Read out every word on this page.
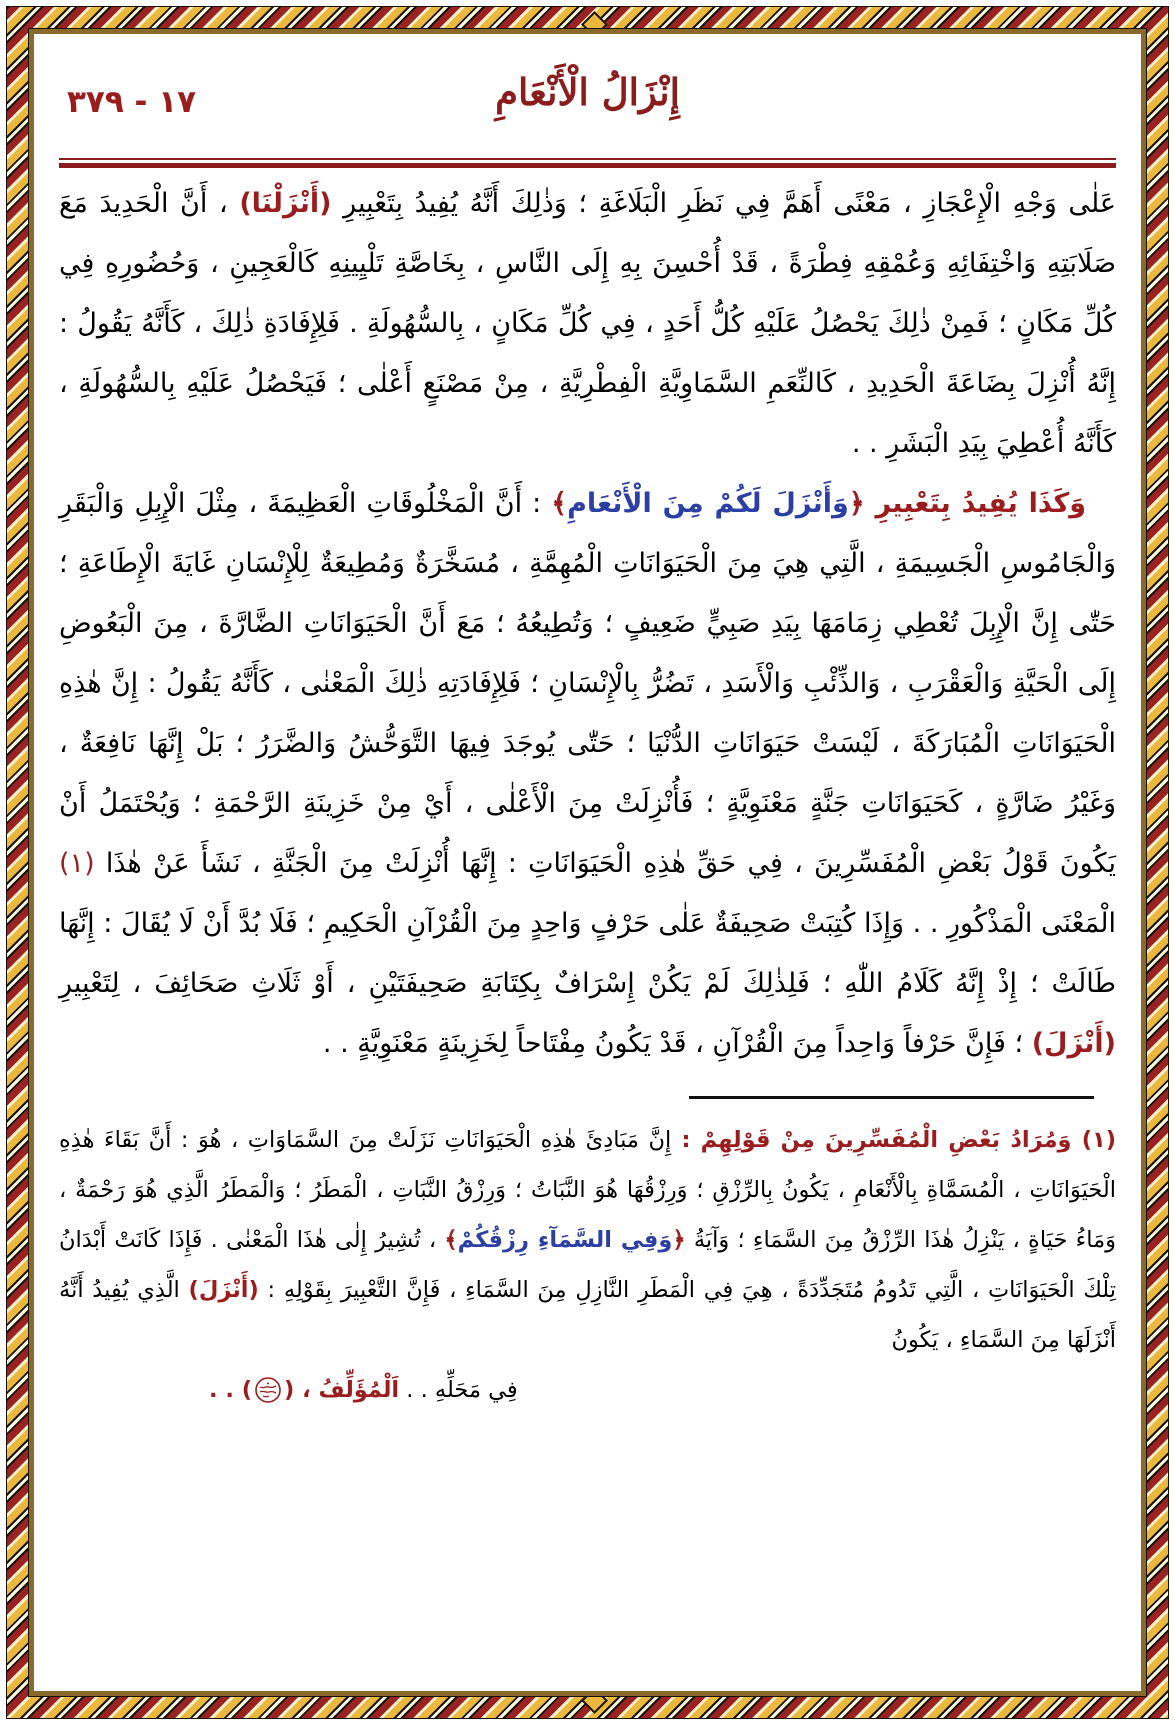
١٧ - ٣٧٩	إِنْزَالُ الْأَنْعَامِ

عَلٰى وَجْهِ الْإِعْجَازِ ، مَعْنًى أَهَمَّ فِي نَظَرِ الْبَلَاغَةِ ؛ وَذٰلِكَ أَنَّهُ يُفِيدُ بِتَعْبِيرِ (أَنْزَلْنَا) ، أَنَّ الْحَدِيدَ مَعَ صَلَابَتِهِ وَاخْتِفَائِهِ وَعُمْقِهِ فِطْرَةً ، قَدْ أُحْسِنَ بِهِ إِلَى النَّاسِ ، بِخَاصَّةِ تَلْيِينِهِ كَالْعَجِينِ ، وَحُضُورِهِ فِي كُلِّ مَكَانٍ ؛ فَمِنْ ذٰلِكَ يَحْصُلُ عَلَيْهِ كُلُّ أَحَدٍ ، فِي كُلِّ مَكَانٍ ، بِالسُّهُولَةِ . فَلِإِفَادَةِ ذٰلِكَ ، كَأَنَّهُ يَقُولُ : إِنَّهُ أُنْزِلَ بِضَاعَةَ الْحَدِيدِ ، كَالنِّعَمِ السَّمَاوِيَّةِ الْفِطْرِيَّةِ ، مِنْ مَصْنَعٍ أَعْلٰى ؛ فَيَحْصُلُ عَلَيْهِ بِالسُّهُولَةِ ، كَأَنَّهُ أُعْطِيَ بِيَدِ الْبَشَرِ . .

وَكَذَا يُفِيدُ بِتَعْبِيرِ ﴿وَأَنْزَلَ لَكُمْ مِنَ الْأَنْعَامِ﴾ : أَنَّ الْمَخْلُوقَاتِ الْعَظِيمَةَ ، مِثْلَ الْإِبِلِ وَالْبَقَرِ وَالْجَامُوسِ الْجَسِيمَةِ ، الَّتِي هِيَ مِنَ الْحَيَوَانَاتِ الْمُهِمَّةِ ، مُسَخَّرَةٌ وَمُطِيعَةٌ لِلْإِنْسَانِ غَايَةَ الْإِطَاعَةِ ؛ حَتّٰى إِنَّ الْإِبِلَ تُعْطِي زِمَامَهَا بِيَدِ صَبِيٍّ ضَعِيفٍ ؛ وَتُطِيعُهُ ؛ مَعَ أَنَّ الْحَيَوَانَاتِ الضَّارَّةَ ، مِنَ الْبَعُوضِ إِلَى الْحَيَّةِ وَالْعَقْرَبِ ، وَالذِّئْبِ وَالْأَسَدِ ، تَضُرُّ بِالْإِنْسَانِ ؛ فَلِإِفَادَتِهِ ذٰلِكَ الْمَعْنٰى ، كَأَنَّهُ يَقُولُ : إِنَّ هٰذِهِ الْحَيَوَانَاتِ الْمُبَارَكَةَ ، لَيْسَتْ حَيَوَانَاتِ الدُّنْيَا ؛ حَتّٰى يُوجَدَ فِيهَا التَّوَحُّشُ وَالضَّرَرُ ؛ بَلْ إِنَّهَا نَافِعَةٌ ، وَغَيْرُ ضَارَّةٍ ، كَحَيَوَانَاتِ جَنَّةٍ مَعْنَوِيَّةٍ ؛ فَأُنْزِلَتْ مِنَ الْأَعْلٰى ، أَيْ مِنْ خَزِينَةِ الرَّحْمَةِ ؛ وَيُحْتَمَلُ أَنْ يَكُونَ قَوْلُ بَعْضِ الْمُفَسِّرِينَ ، فِي حَقِّ هٰذِهِ الْحَيَوَانَاتِ : إِنَّهَا أُنْزِلَتْ مِنَ الْجَنَّةِ ، نَشَأَ عَنْ هٰذَا (١) الْمَعْنَى الْمَذْكُورِ . . وَإِذَا كُتِبَتْ صَحِيفَةٌ عَلٰى حَرْفٍ وَاحِدٍ مِنَ الْقُرْآنِ الْحَكِيمِ ؛ فَلَا بُدَّ أَنْ لَا يُقَالَ : إِنَّهَا طَالَتْ ؛ إِذْ إِنَّهُ كَلَامُ اللّٰهِ ؛ فَلِذٰلِكَ لَمْ يَكُنْ إِسْرَافٌ بِكِتَابَةِ صَحِيفَتَيْنِ ، أَوْ ثَلَاثِ صَحَائِفَ ، لِتَعْبِيرِ (أَنْزَلَ) ؛ فَإِنَّ حَرْفاً وَاحِداً مِنَ الْقُرْآنِ ، قَدْ يَكُونُ مِفْتَاحاً لِخَزِينَةٍ مَعْنَوِيَّةٍ . .

(١) وَمُرَادُ بَعْضِ الْمُفَسِّرِينَ مِنْ قَوْلِهِمْ : إِنَّ مَبَادِئَ هٰذِهِ الْحَيَوَانَاتِ نَزَلَتْ مِنَ السَّمَاوَاتِ ، هُوَ : أَنَّ بَقَاءَ هٰذِهِ الْحَيَوَانَاتِ ، الْمُسَمَّاةِ بِالْأَنْعَامِ ، يَكُونُ بِالرِّزْقِ ؛ وَرِزْقُهَا هُوَ النَّبَاتُ ؛ وَرِزْقُ النَّبَاتِ ، الْمَطَرُ ؛ وَالْمَطَرُ الَّذِي هُوَ رَحْمَةٌ ، وَمَاءُ حَيَاةٍ ، يَنْزِلُ هٰذَا الرِّزْقُ مِنَ السَّمَاءِ ؛ وَآيَةُ ﴿وَفِي السَّمَآءِ رِزْقُكُمْ﴾ ، تُشِيرُ إِلٰى هٰذَا الْمَعْنٰى . فَإِذَا كَانَتْ أَبْدَانُ تِلْكَ الْحَيَوَانَاتِ ، الَّتِي تَدُومُ مُتَجَدِّدَةً ، هِيَ فِي الْمَطَرِ النَّازِلِ مِنَ السَّمَاءِ ، فَإِنَّ التَّعْبِيرَ بِقَوْلِهِ : (أَنْزَلَ) الَّذِي يُفِيدُ أَنَّهُ أَنْزَلَهَا مِنَ السَّمَاءِ ، يَكُونُ

فِي مَحَلِّهِ . . اَلْمُؤَلِّفُ ، () . .
